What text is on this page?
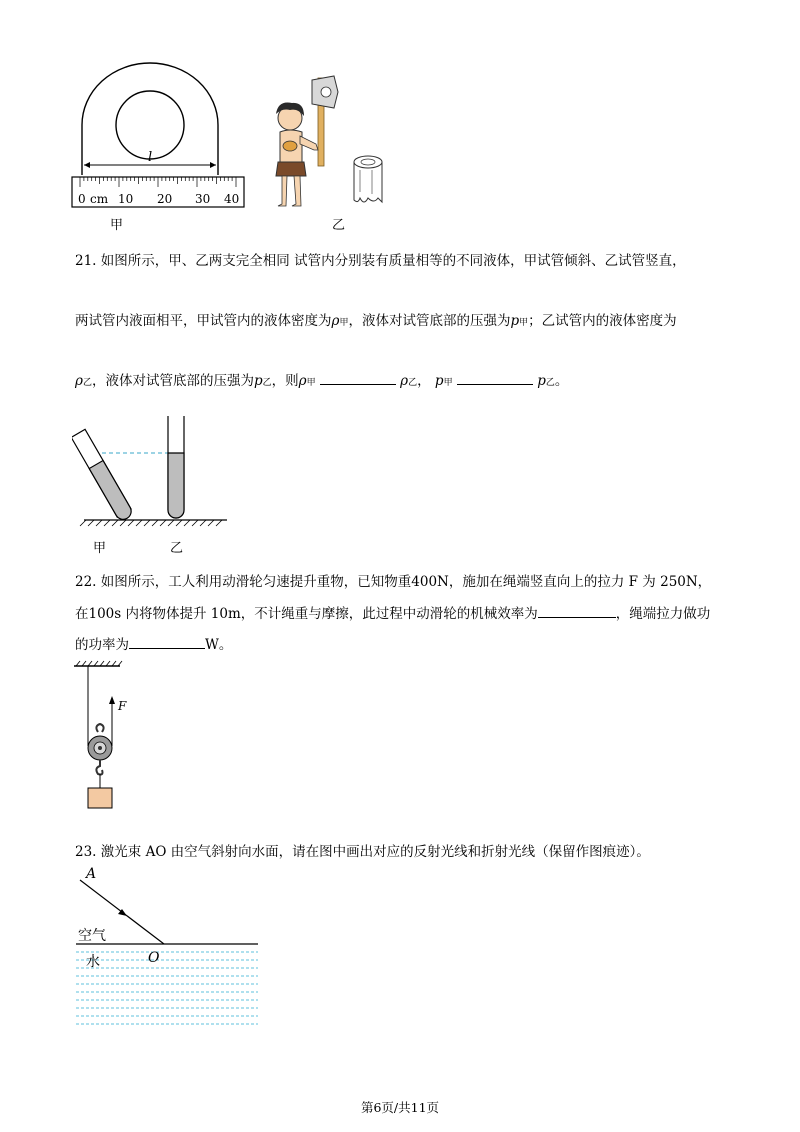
l
0 cm 10 20 30 40
甲	乙
21. 如图所示，甲、乙两支完全相同 试管内分别装有质量相等的不同液体，甲试管倾斜、乙试管竖直，
两试管内液面相平，甲试管内的液体密度为ρ甲，液体对试管底部的压强为p甲；乙试管内的液体密度为
ρ乙，液体对试管底部的压强为p乙，则ρ甲	ρ乙， p甲	p乙。
甲	乙
22. 如图所示，工人利用动滑轮匀速提升重物，已知物重400N，施加在绳端竖直向上的拉力 F 为 250N，
在100s 内将物体提升 10m，不计绳重与摩擦，此过程中动滑轮的机械效率为	，绳端拉力做功
的功率为	W。
F
23. 激光束 AO 由空气斜射向水面，请在图中画出对应的反射光线和折射光线（保留作图痕迹）。
A
O
空气
水
第6页/共11页
